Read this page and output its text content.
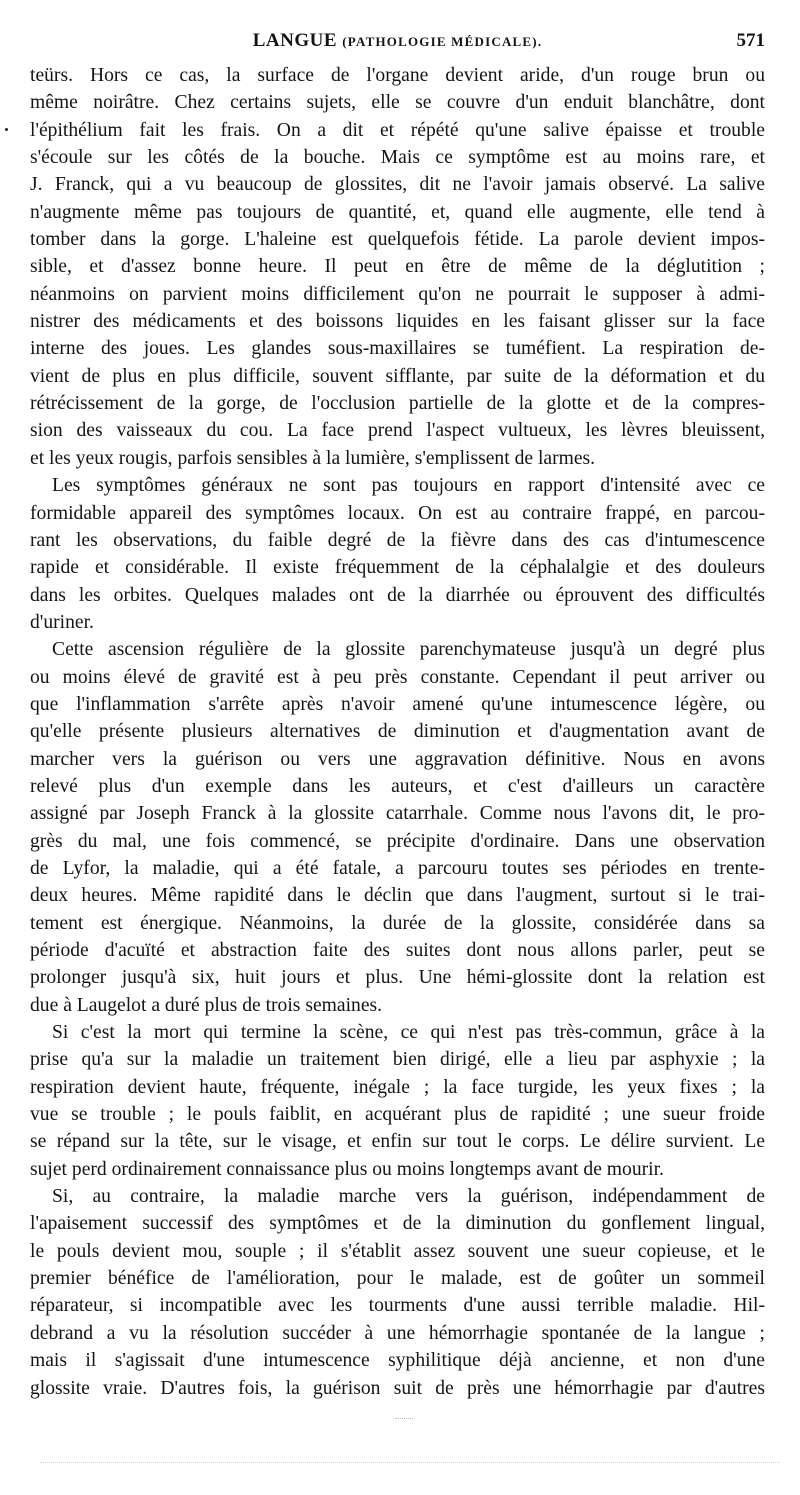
LANGUE (PATHOLOGIE MÉDICALE).	571
teürs. Hors ce cas, la surface de l'organe devient aride, d'un rouge brun ou
même noirâtre. Chez certains sujets, elle se couvre d'un enduit blanchâtre, dont
l'épithélium fait les frais. On a dit et répété qu'une salive épaisse et trouble
s'écoule sur les côtés de la bouche. Mais ce symptôme est au moins rare, et
J. Franck, qui a vu beaucoup de glossites, dit ne l'avoir jamais observé. La salive
n'augmente même pas toujours de quantité, et, quand elle augmente, elle tend à
tomber dans la gorge. L'haleine est quelquefois fétide. La parole devient impos-
sible, et d'assez bonne heure. Il peut en être de même de la déglutition ;
néanmoins on parvient moins difficilement qu'on ne pourrait le supposer à admi-
nistrer des médicaments et des boissons liquides en les faisant glisser sur la face
interne des joues. Les glandes sous-maxillaires se tuméfient. La respiration de-
vient de plus en plus difficile, souvent sifflante, par suite de la déformation et du
rétrécissement de la gorge, de l'occlusion partielle de la glotte et de la compres-
sion des vaisseaux du cou. La face prend l'aspect vultueux, les lèvres bleuissent,
et les yeux rougis, parfois sensibles à la lumière, s'emplissent de larmes.
Les symptômes généraux ne sont pas toujours en rapport d'intensité avec ce
formidable appareil des symptômes locaux. On est au contraire frappé, en parcou-
rant les observations, du faible degré de la fièvre dans des cas d'intumescence
rapide et considérable. Il existe fréquemment de la céphalalgie et des douleurs
dans les orbites. Quelques malades ont de la diarrhée ou éprouvent des difficultés
d'uriner.
Cette ascension régulière de la glossite parenchymateuse jusqu'à un degré plus
ou moins élevé de gravité est à peu près constante. Cependant il peut arriver ou
que l'inflammation s'arrête après n'avoir amené qu'une intumescence légère, ou
qu'elle présente plusieurs alternatives de diminution et d'augmentation avant de
marcher vers la guérison ou vers une aggravation définitive. Nous en avons
relevé plus d'un exemple dans les auteurs, et c'est d'ailleurs un caractère
assigné par Joseph Franck à la glossite catarrhale. Comme nous l'avons dit, le pro-
grès du mal, une fois commencé, se précipite d'ordinaire. Dans une observation
de Lyfor, la maladie, qui a été fatale, a parcouru toutes ses périodes en trente-
deux heures. Même rapidité dans le déclin que dans l'augment, surtout si le trai-
tement est énergique. Néanmoins, la durée de la glossite, considérée dans sa
période d'acuïté et abstraction faite des suites dont nous allons parler, peut se
prolonger jusqu'à six, huit jours et plus. Une hémi-glossite dont la relation est
due à Laugelot a duré plus de trois semaines.
Si c'est la mort qui termine la scène, ce qui n'est pas très-commun, grâce à la
prise qu'a sur la maladie un traitement bien dirigé, elle a lieu par asphyxie ; la
respiration devient haute, fréquente, inégale ; la face turgide, les yeux fixes ; la
vue se trouble ; le pouls faiblit, en acquérant plus de rapidité ; une sueur froide
se répand sur la tête, sur le visage, et enfin sur tout le corps. Le délire survient. Le
sujet perd ordinairement connaissance plus ou moins longtemps avant de mourir.
Si, au contraire, la maladie marche vers la guérison, indépendamment de
l'apaisement successif des symptômes et de la diminution du gonflement lingual,
le pouls devient mou, souple ; il s'établit assez souvent une sueur copieuse, et le
premier bénéfice de l'amélioration, pour le malade, est de goûter un sommeil
réparateur, si incompatible avec les tourments d'une aussi terrible maladie. Hil-
debrand a vu la résolution succéder à une hémorrhagie spontanée de la langue ;
mais il s'agissait d'une intumescence syphilitique déjà ancienne, et non d'une
glossite vraie. D'autres fois, la guérison suit de près une hémorrhagie par d'autres
